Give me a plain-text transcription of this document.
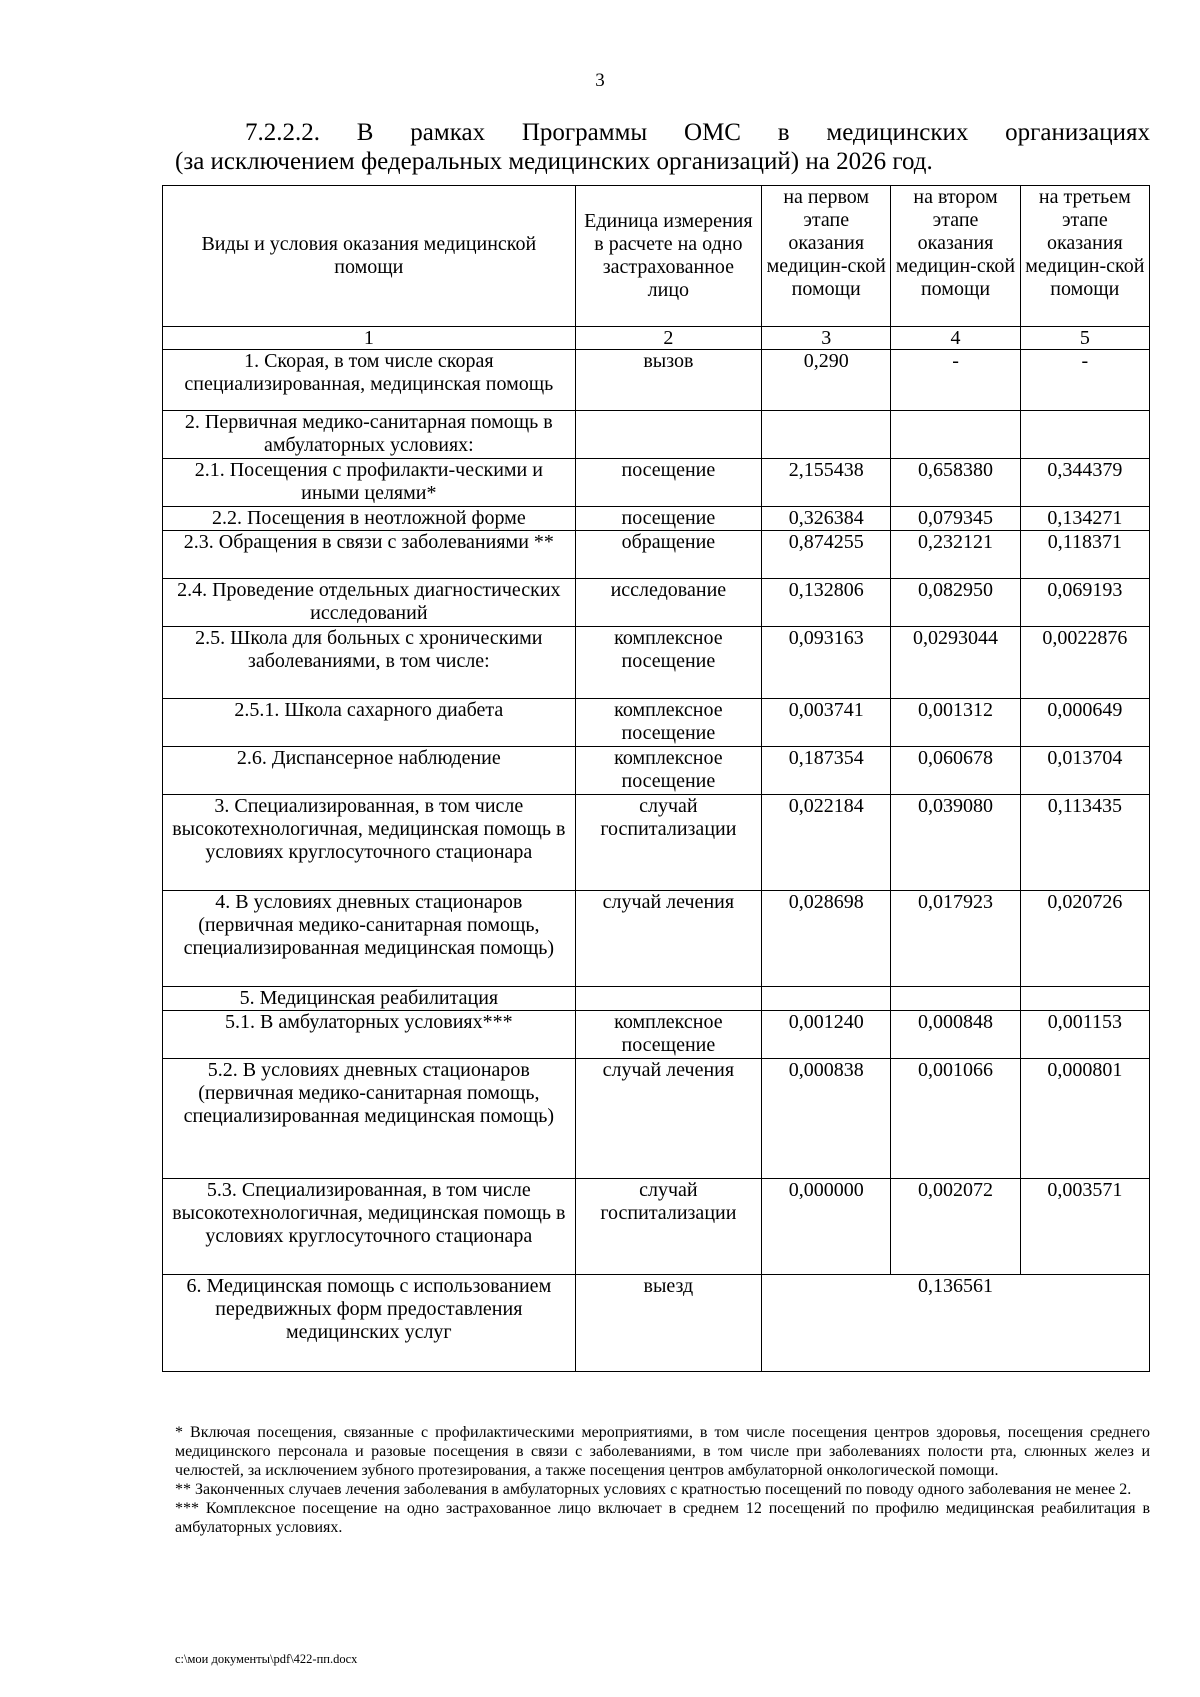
3
7.2.2.2. В рамках Программы ОМС в медицинских организациях
(за исключением федеральных медицинских организаций) на 2026 год.
Виды и условия оказания медицинской помощи	Единица измерения в расчете на одно застрахованное лицо	на первом этапе оказания медицин-ской помощи	на втором этапе оказания медицин-ской помощи	на третьем этапе оказания медицин-ской помощи
1	2	3	4	5
1. Скорая, в том числе скорая специализированная, медицинская помощь	вызов	0,290	-	-
2. Первичная медико-санитарная помощь в амбулаторных условиях:				
2.1. Посещения с профилакти-ческими и иными целями*	посещение	2,155438	0,658380	0,344379
2.2. Посещения в неотложной форме	посещение	0,326384	0,079345	0,134271
2.3. Обращения в связи с заболеваниями **	обращение	0,874255	0,232121	0,118371
2.4. Проведение отдельных диагностических исследований	исследование	0,132806	0,082950	0,069193
2.5. Школа для больных с хроническими заболеваниями, в том числе:	комплексное посещение	0,093163	0,0293044	0,0022876
2.5.1. Школа сахарного диабета	комплексное посещение	0,003741	0,001312	0,000649
2.6. Диспансерное наблюдение	комплексное посещение	0,187354	0,060678	0,013704
3. Специализированная, в том числе высокотехнологичная, медицинская помощь в условиях круглосуточного стационара	случай госпитализации	0,022184	0,039080	0,113435
4. В условиях дневных стационаров (первичная медико-санитарная помощь, специализированная медицинская помощь)	случай лечения	0,028698	0,017923	0,020726
5. Медицинская реабилитация				
5.1. В амбулаторных условиях***	комплексное посещение	0,001240	0,000848	0,001153
5.2. В условиях дневных стационаров (первичная медико-санитарная помощь, специализированная медицинская помощь)	случай лечения	0,000838	0,001066	0,000801
5.3. Специализированная, в том числе высокотехнологичная, медицинская помощь в условиях круглосуточного стационара	случай госпитализации	0,000000	0,002072	0,003571
6. Медицинская помощь с использованием передвижных форм предоставления медицинских услуг	выезд	0,136561		

* Включая посещения, связанные с профилактическими мероприятиями, в том числе посещения центров здоровья, посещения среднего медицинского персонала и разовые посещения в связи с заболеваниями, в том числе при заболеваниях полости рта, слюнных желез и челюстей, за исключением зубного протезирования, а также посещения центров амбулаторной онкологической помощи.

** Законченных случаев лечения заболевания в амбулаторных условиях с кратностью посещений по поводу одного заболевания не менее 2.

*** Комплексное посещение на одно застрахованное лицо включает в среднем 12 посещений по профилю медицинская реабилитация в амбулаторных условиях.

c:\мои документы\pdf\422-пп.docx
